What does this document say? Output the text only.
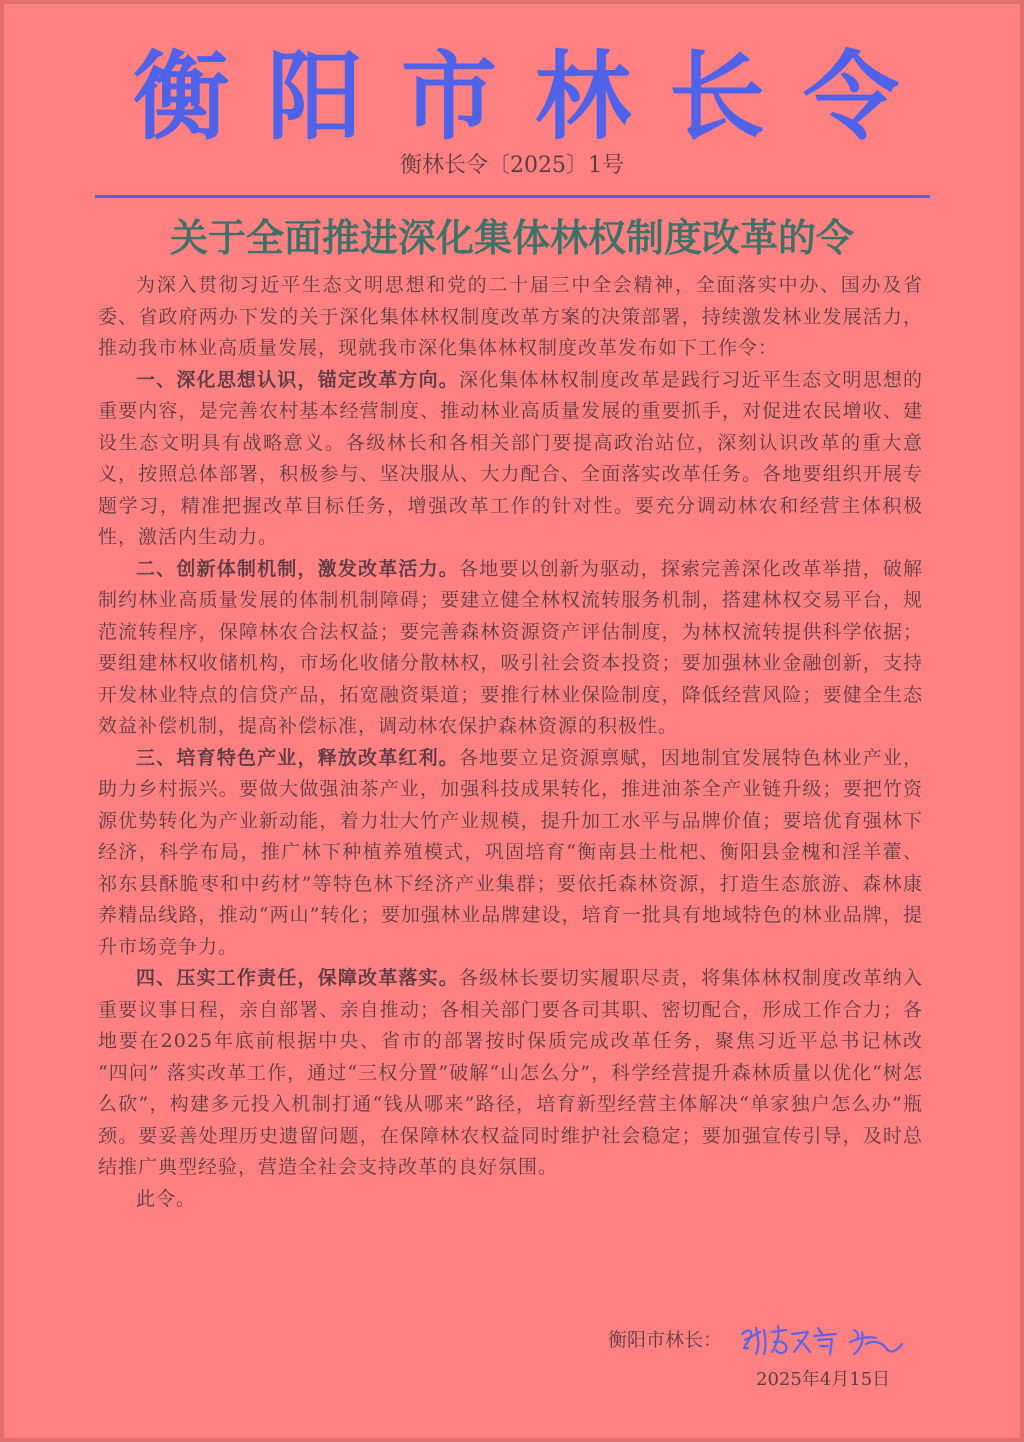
衡阳市林长令
衡林长令〔2025〕1号
关于全面推进深化集体林权制度改革的令

为深入贯彻习近平生态文明思想和党的二十届三中全会精神，全面落实中办、国办及省委、省政府两办下发的关于深化集体林权制度改革方案的决策部署，持续激发林业发展活力，推动我市林业高质量发展，现就我市深化集体林权制度改革发布如下工作令：

一、深化思想认识，锚定改革方向。深化集体林权制度改革是践行习近平生态文明思想的重要内容，是完善农村基本经营制度、推动林业高质量发展的重要抓手，对促进农民增收、建设生态文明具有战略意义。各级林长和各相关部门要提高政治站位，深刻认识改革的重大意义，按照总体部署，积极参与、坚决服从、大力配合、全面落实改革任务。各地要组织开展专题学习，精准把握改革目标任务，增强改革工作的针对性。要充分调动林农和经营主体积极性，激活内生动力。

二、创新体制机制，激发改革活力。各地要以创新为驱动，探索完善深化改革举措，破解制约林业高质量发展的体制机制障碍；要建立健全林权流转服务机制，搭建林权交易平台，规范流转程序，保障林农合法权益；要完善森林资源资产评估制度，为林权流转提供科学依据；要组建林权收储机构，市场化收储分散林权，吸引社会资本投资；要加强林业金融创新，支持开发林业特点的信贷产品，拓宽融资渠道；要推行林业保险制度，降低经营风险；要健全生态效益补偿机制，提高补偿标准，调动林农保护森林资源的积极性。

三、培育特色产业，释放改革红利。各地要立足资源禀赋，因地制宜发展特色林业产业，助力乡村振兴。要做大做强油茶产业，加强科技成果转化，推进油茶全产业链升级；要把竹资源优势转化为产业新动能，着力壮大竹产业规模，提升加工水平与品牌价值；要培优育强林下经济，科学布局，推广林下种植养殖模式，巩固培育“衡南县土枇杷、衡阳县金槐和淫羊藿、祁东县酥脆枣和中药材”等特色林下经济产业集群；要依托森林资源，打造生态旅游、森林康养精品线路，推动“两山”转化；要加强林业品牌建设，培育一批具有地域特色的林业品牌，提升市场竞争力。

四、压实工作责任，保障改革落实。各级林长要切实履职尽责，将集体林权制度改革纳入重要议事日程，亲自部署、亲自推动；各相关部门要各司其职、密切配合，形成工作合力；各地要在2025年底前根据中央、省市的部署按时保质完成改革任务，聚焦习近平总书记林改 “四问” 落实改革工作，通过“三权分置”破解“山怎么分”，科学经营提升森林质量以优化“树怎么砍”，构建多元投入机制打通“钱从哪来”路径，培育新型经营主体解决“单家独户怎么办”瓶颈。要妥善处理历史遗留问题，在保障林农权益同时维护社会稳定；要加强宣传引导，及时总结推广典型经验，营造全社会支持改革的良好氛围。

此令。

衡阳市林长：
2025年4月15日
